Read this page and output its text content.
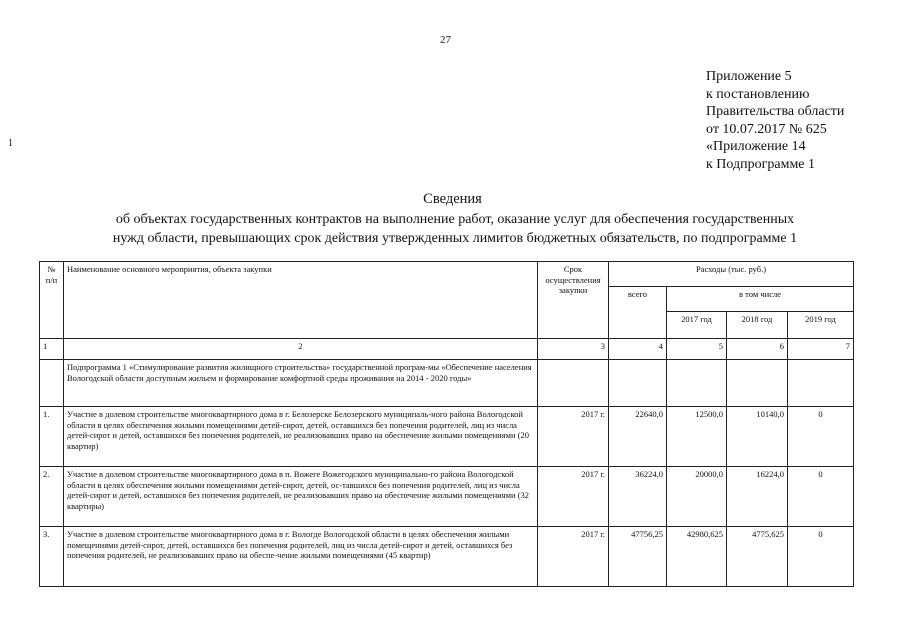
27
1
Приложение 5
к постановлению
Правительства области
от 10.07.2017 № 625
«Приложение 14
к Подпрограмме 1
Сведения
об объектах государственных контрактов на выполнение работ, оказание услуг для обеспечения государственных
нужд области, превышающих срок действия утвержденных лимитов бюджетных обязательств, по подпрограмме 1
№ п/п	Наименование основного мероприятия, объекта закупки	Срок осуществления закупки	Расходы (тыс. руб.)			
			всего	в том числе		
				2017 год	2018 год	2019 год
1	2	3	4	5	6	7
	Подпрограмма 1 «Стимулирование развития жилищного строительства» государственной програм-мы «Обеспечение населения Вологодской области доступным жильем и формирование комфортной среды проживания на 2014 - 2020 годы»					
1.	Участие в долевом строительстве многоквартирного дома в г. Белозерске Белозерского муниципаль-ного района Вологодской области в целях обеспечения жилыми помещениями детей-сирот, детей, оставшихся без попечения родителей, лиц из числа детей-сирот и детей, оставшихся без попечения родителей, не реализовавших право на обеспечение жилыми помещениями (20 квартир)	2017 г.	22640,0	12500,0	10140,0	0
2.	Участие в долевом строительстве многоквартирного дома в п. Вожеге Вожегодского муниципально-го района Вологодской области в целях обеспечения жилыми помещениями детей-сирот, детей, ос-тавшихся без попечения родителей, лиц из числа детей-сирот и детей, оставшихся без попечения родителей, не реализовавших право на обеспечение жилыми помещениями (32 квартиры)	2017 г.	36224,0	20000,0	16224,0	0
3.	Участие в долевом строительстве многоквартирного дома в г. Вологде Вологодской области в целях обеспечения жилыми помещениями детей-сирот, детей, оставшихся без попечения родителей, лиц из числа детей-сирот и детей, оставшихся без попечения родителей, не реализовавших право на обеспе-чение жилыми помещениями (45 квартир)	2017 г.	47756,25	42980,625	4775,625	0
